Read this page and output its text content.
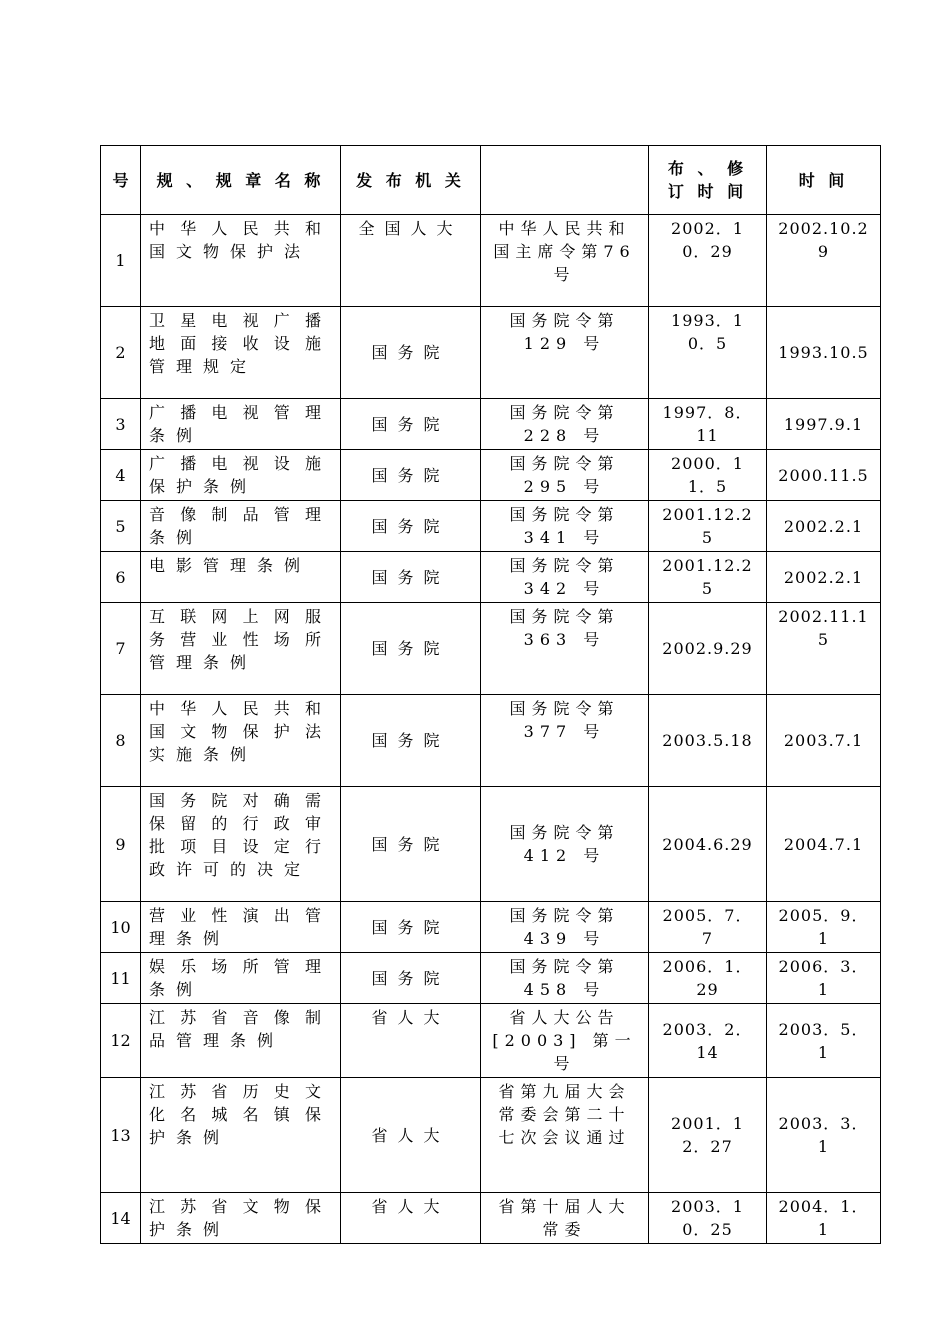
号	规 、 规 章 名 称	发 布 机 关		布 、 修 订 时 间	时 间
1	中华人民共和国文物保护法	全国人大	中华人民共和国主席令第76号	2002．10．29	2002.10.29
2	卫星电视广播地面接收设施管理规定	国务院	国务院令第 129 号	1993．10．5	1993.10.5
3	广播电视管理条例	国务院	国务院令第 228 号	1997．8．11	1997.9.1
4	广播电视设施保护条例	国务院	国务院令第 295 号	2000．11．5	2000.11.5
5	音像制品管理条例	国务院	国务院令第 341 号	2001.12.25	2002.2.1
6	电影管理条例	国务院	国务院令第 342 号	2001.12.25	2002.2.1
7	互联网上网服务营业性场所管理条例	国务院	国务院令第 363 号	2002.9.29	2002.11.15
8	中华人民共和国文物保护法实施条例	国务院	国务院令第 377 号	2003.5.18	2003.7.1
9	国务院对确需保留的行政审批项目设定行政许可的决定	国务院	国务院令第 412 号	2004.6.29	2004.7.1
10	营业性演出管理条例	国务院	国务院令第 439 号	2005．7．7	2005．9．1
11	娱乐场所管理条例	国务院	国务院令第 458 号	2006．1．29	2006．3．1
12	江苏省音像制品管理条例	省人大	省人大公告 [2003] 第一号	2003．2．14	2003．5．1
13	江苏省历史文化名城名镇保护条例	省人大	省第九届大会常委会第二十七次会议通过	2001．12．27	2003．3．1
14	江苏省文物保护条例	省人大	省第十届人大常委	2003．10．25	2004．1．1
